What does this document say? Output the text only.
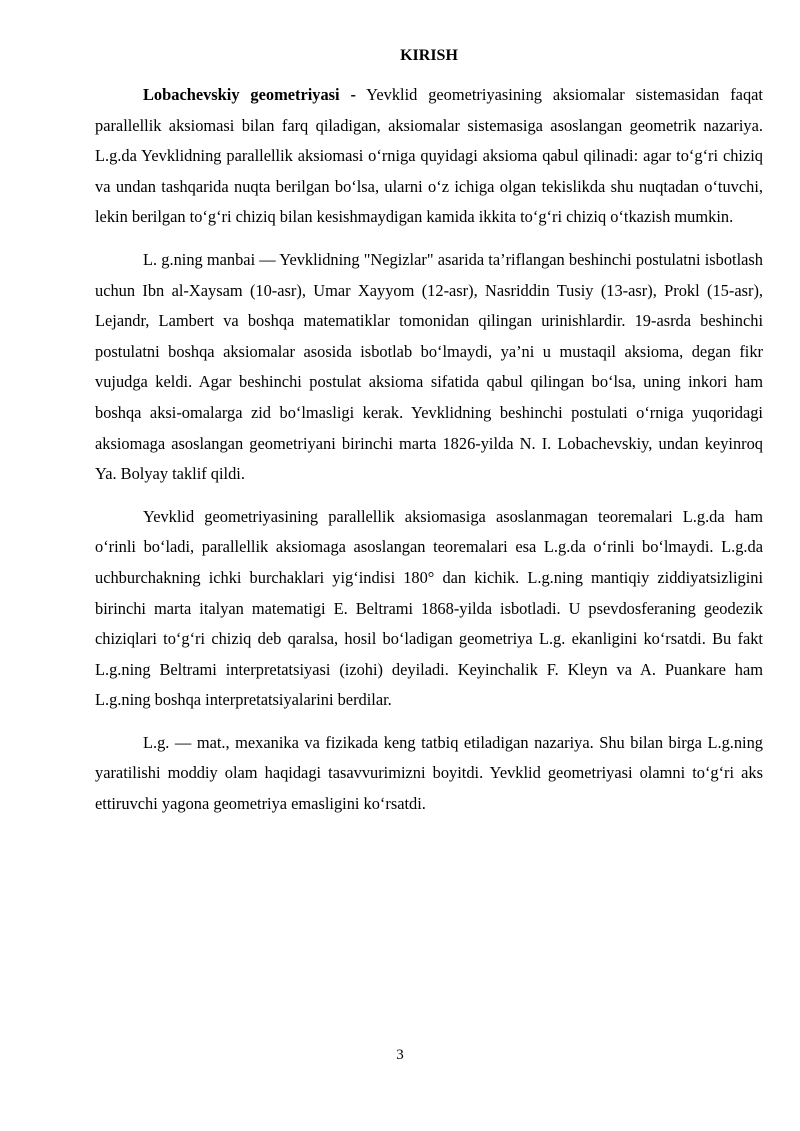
KIRISH

Lobachevskiy geometriyasi - Yevklid geometriyasining aksiomalar sistemasidan faqat parallellik aksiomasi bilan farq qiladigan, aksiomalar sistemasiga asoslangan geometrik nazariya. L.g.da Yevklidning parallellik aksiomasi o‘rniga quyidagi aksioma qabul qilinadi: agar to‘g‘ri chiziq va undan tashqarida nuqta berilgan bo‘lsa, ularni o‘z ichiga olgan tekislikda shu nuqtadan o‘tuvchi, lekin berilgan to‘g‘ri chiziq bilan kesishmaydigan kamida ikkita to‘g‘ri chiziq o‘tkazish mumkin.

L. g.ning manbai — Yevklidning "Negizlar" asarida ta’riflangan beshinchi postulatni isbotlash uchun Ibn al-Xaysam (10-asr), Umar Xayyom (12-asr), Nasriddin Tusiy (13-asr), Prokl (15-asr), Lejandr, Lambert va boshqa matematiklar tomonidan qilingan urinishlardir. 19-asrda beshinchi postulatni boshqa aksiomalar asosida isbotlab bo‘lmaydi, ya’ni u mustaqil aksioma, degan fikr vujudga keldi. Agar beshinchi postulat aksioma sifatida qabul qilingan bo‘lsa, uning inkori ham boshqa aksi-omalarga zid bo‘lmasligi kerak. Yevklidning beshinchi postulati o‘rniga yuqoridagi aksiomaga asoslangan geometriyani birinchi marta 1826-yilda N. I. Lobachevskiy, undan keyinroq Ya. Bolyay taklif qildi.

Yevklid geometriyasining parallellik aksiomasiga asoslanmagan teoremalari L.g.da ham o‘rinli bo‘ladi, parallellik aksiomaga asoslangan teoremalari esa L.g.da o‘rinli bo‘lmaydi. L.g.da uchburchakning ichki burchaklari yig‘indisi 180° dan kichik. L.g.ning mantiqiy ziddiyatsizligini birinchi marta italyan matematigi E. Beltrami 1868-yilda isbotladi. U psevdosferaning geodezik chiziqlari to‘g‘ri chiziq deb qaralsa, hosil bo‘ladigan geometriya L.g. ekanligini ko‘rsatdi. Bu fakt L.g.ning Beltrami interpretatsiyasi (izohi) deyiladi. Keyinchalik F. Kleyn va A. Puankare ham L.g.ning boshqa interpretatsiyalarini berdilar.

L.g. — mat., mexanika va fizikada keng tatbiq etiladigan nazariya. Shu bilan birga L.g.ning yaratilishi moddiy olam haqidagi tasavvurimizni boyitdi. Yevklid geometriyasi olamni to‘g‘ri aks ettiruvchi yagona geometriya emasligini ko‘rsatdi.

3
